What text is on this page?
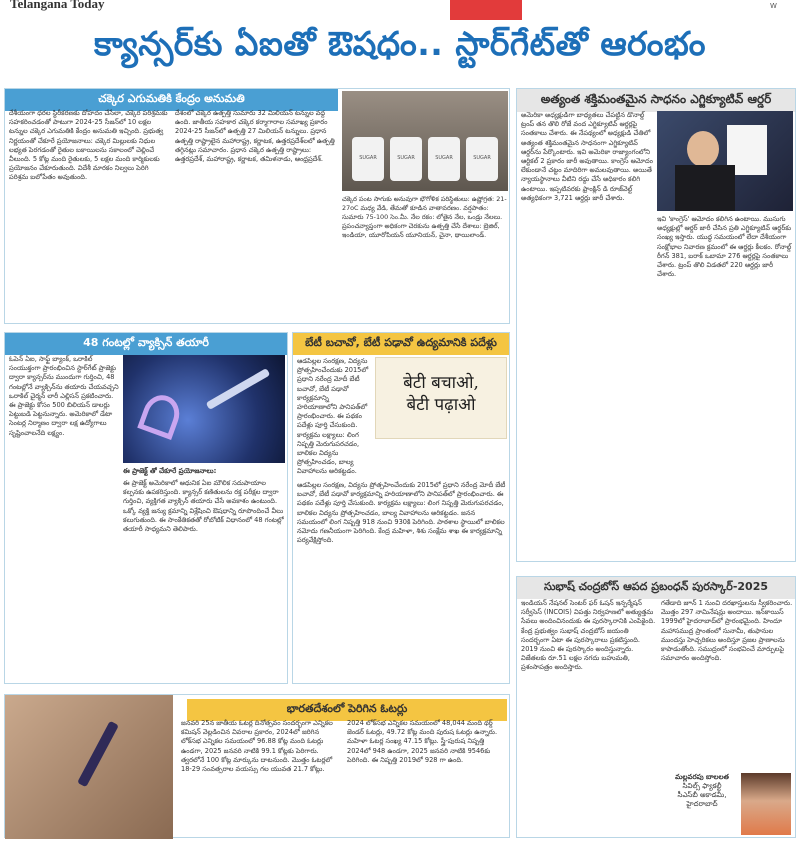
Telangana Today	W
క్యాన్సర్‌కు ఏఐతో ఔషధం.. స్టార్‌గేట్‌తో ఆరంభం
చక్కెర ఎగుమతికి కేంద్రం అనుమతి
దేశీయంగా ధరల స్థిరీకరణకు దోహదం చేసేలా, చక్కెర పరిశ్రమకు సహకరించడంతో పాటుగా 2024-25 సీజన్‌లో 10 లక్షల టన్నుల చక్కెర ఎగుమతికి కేంద్రం అనుమతి ఇచ్చింది. ప్రభుత్వ నిర్ణయంతో చేకూరే ప్రయోజనాలు: చక్కెర మిల్లులకు నిధుల లభ్యత పెరగడంతో రైతుల బకాయిలను సకాలంలో చెల్లించే వీలుంది. 5 కోట్ల మంది రైతులకు, 5 లక్షల మంది కార్మికులకు ప్రయోజనం చేకూరుతుంది. విదేశీ మారకం నిల్వలు పెరిగి పరిశ్రమ బలోపేతం అవుతుంది.
దేశంలో చక్కెర ఉత్పత్తి సుమారు 32 మిలియన్ టన్నుల వద్ద ఉంది. జాతీయ సహకార చక్కెర కర్మాగారాల సమాఖ్య ప్రకారం 2024-25 సీజన్‌లో ఉత్పత్తి 27 మిలియన్ టన్నులు. ప్రధాన ఉత్పత్తి రాష్ట్రాలైన మహారాష్ట్ర, కర్ణాటక, ఉత్తరప్రదేశ్‌లలో ఉత్పత్తి తగ్గినట్లు సమాచారం. ప్రధాన చక్కెర ఉత్పత్తి రాష్ట్రాలు: ఉత్తరప్రదేశ్, మహారాష్ట్ర, కర్ణాటక, తమిళనాడు, ఆంధ్రప్రదేశ్.	SUGAR	SUGAR	SUGAR	SUGAR
చక్కెర పంట సాగుకు అనువుగా భౌగోళిక పరిస్థితులు: ఉష్ణోగ్రత: 21-27oC మధ్య వేడి, తేమతో కూడిన వాతావరణం. వర్షపాతం: సుమారు 75-100 సెం.మీ. నేల రకం: లోతైన నేల, ఒండ్రు నేలలు. ప్రపంచవ్యాప్తంగా అధికంగా చెరకును ఉత్పత్తి చేసే దేశాలు: బ్రెజిల్, ఇండియా, యూరోపియన్ యూనియన్, చైనా, థాయిలాండ్.
అత్యంత శక్తిమంతమైన సాధనం ఎగ్జిక్యూటివ్ ఆర్డర్
అమెరికా అధ్యక్షుడిగా బాధ్యతలు చేపట్టిన డొనాల్డ్ ట్రంప్ తన తొలి రోజే వంద ఎగ్జిక్యూటివ్ ఆర్డర్లపై సంతకాలు చేశారు. ఈ నేపథ్యంలో అధ్యక్షుడి చేతిలో అత్యంత శక్తిమంతమైన సాధనంగా ఎగ్జిక్యూటివ్ ఆర్డర్‌ను పేర్కొంటారు. ఇవి అమెరికా రాజ్యాంగంలోని ఆర్టికల్ 2 ప్రకారం జారీ అవుతాయి. కాంగ్రెస్ ఆమోదం లేకుండానే చట్టం మాదిరిగా అమలవుతాయి. అయితే న్యాయస్థానాలు వీటిని రద్దు చేసే అధికారం కలిగి ఉంటాయి. ఇప్పటివరకు ఫ్రాంక్లిన్ డి రూజ్‌వెల్ట్ అత్యధికంగా 3,721 ఆర్డర్లు జారీ చేశారు.
ఇవి 'కాంగ్రెస్' ఆమోదం కలిగిన ఉంటాయి. ముసుగు అధ్యక్షుల్లో ఆర్డర్ జారీ చేసిన ప్రతి ఎగ్జిక్యూటివ్ ఆర్డర్‌కు సంఖ్య ఇస్తారు. యుద్ధ సమయంలో లేదా దేశీయంగా సంక్షోభాల నివారణ క్రమంలో ఈ ఆర్డర్లు కీలకం. రోనాల్డ్ రీగన్ 381, బరాక్ ఒబామా 276 ఆర్డర్లపై సంతకాలు చేశారు. ట్రంప్ తొలి విడతలో 220 ఆర్డర్లు జారీ చేశారు.
48 గంటల్లో వ్యాక్సిన్ తయారీ
ఓపెన్ ఏఐ, సాఫ్ట్ బ్యాంక్, ఒరాకిల్ సంయుక్తంగా ప్రారంభించిన స్టార్‌గేట్ ప్రాజెక్టు ద్వారా క్యాన్సర్‌ను ముందుగా గుర్తించి, 48 గంటల్లోనే వ్యాక్సిన్‌ను తయారు చేయవచ్చని ఒరాకిల్ చైర్మన్ లారీ ఎల్లిసన్ ప్రకటించారు. ఈ ప్రాజెక్టు కోసం 500 బిలియన్ డాలర్లు పెట్టుబడి పెట్టనున్నారు. అమెరికాలో డేటా సెంటర్ల నిర్మాణం ద్వారా లక్ష ఉద్యోగాలు సృష్టించాలనేది లక్ష్యం.
ఈ ప్రాజెక్ట్ తో చేకూరే ప్రయోజనాలు:
ఈ ప్రాజెక్ట్ అమెరికాలో ఆధునిక ఏఐ మౌలిక సదుపాయాల కల్పనకు ఉపకరిస్తుంది. క్యాన్సర్ కణితులను రక్త పరీక్షల ద్వారా గుర్తించి, వ్యక్తిగత వ్యాక్సిన్ తయారు చేసే అవకాశం ఉంటుంది. ఒక్కో వ్యక్తి జన్యు క్రమాన్ని విశ్లేషించి ఔషధాన్ని రూపొందించే వీలు కలుగుతుంది. ఈ సాంకేతికతతో రోబోటిక్ విధానంలో 48 గంటల్లో తయారీ సాధ్యమని తెలిపారు.
బేటీ బచావో, బేటీ పఢావో ఉద్యమానికి పదేళ్లు
बेटी बचाओ,
बेटी पढ़ाओ
ఆడపిల్లల సంరక్షణ, విద్యను ప్రోత్సహించేందుకు 2015లో ప్రధాని నరేంద్ర మోదీ బేటీ బచావో, బేటీ పఢావో కార్యక్రమాన్ని హరియాణాలోని పానిపత్‌లో ప్రారంభించారు. ఈ పథకం పదేళ్లు పూర్తి చేసుకుంది. కార్యక్రమ లక్ష్యాలు: లింగ నిష్పత్తి మెరుగుపరచడం, బాలికల విద్యను ప్రోత్సహించడం, బాల్య వివాహాలను అరికట్టడం.
ఆడపిల్లల సంరక్షణ, విద్యను ప్రోత్సహించేందుకు 2015లో ప్రధాని నరేంద్ర మోదీ బేటీ బచావో, బేటీ పఢావో కార్యక్రమాన్ని హరియాణాలోని పానిపత్‌లో ప్రారంభించారు. ఈ పథకం పదేళ్లు పూర్తి చేసుకుంది. కార్యక్రమ లక్ష్యాలు: లింగ నిష్పత్తి మెరుగుపరచడం, బాలికల విద్యను ప్రోత్సహించడం, బాల్య వివాహాలను అరికట్టడం. జనన సమయంలో లింగ నిష్పత్తి 918 నుంచి 930కి పెరిగింది. పాఠశాల స్థాయిలో బాలికల నమోదు గణనీయంగా పెరిగింది. కేంద్ర మహిళా, శిశు సంక్షేమ శాఖ ఈ కార్యక్రమాన్ని పర్యవేక్షిస్తోంది.
సుభాష్ చంద్రబోస్ ఆపద ప్రబంధన్ పురస్కార్-2025
ఇండియన్ నేషనల్ సెంటర్ ఫర్ ఓషన్ ఇన్ఫర్మేషన్ సర్వీసెస్ (INCOIS) విపత్తు నిర్వహణలో అత్యుత్తమ సేవలు అందించినందుకు ఈ పురస్కారానికి ఎంపికైంది. కేంద్ర ప్రభుత్వం సుభాష్ చంద్రబోస్ జయంతి సందర్భంగా ఏటా ఈ పురస్కారాలు ప్రకటిస్తుంది. 2019 నుంచి ఈ పురస్కారం అందిస్తున్నారు. విజేతలకు రూ.51 లక్షల నగదు బహుమతి, ప్రశంసాపత్రం అందిస్తారు.
గతేడాది జూన్ 1 నుంచి దరఖాస్తులను స్వీకరించారు. మొత్తం 297 నామినేషన్లు అందాయి. ఇన్‌కాయిస్ 1999లో హైదరాబాద్‌లో ప్రారంభమైంది. హిందూ మహాసముద్ర ప్రాంతంలో సునామీ, తుఫానుల ముందస్తు హెచ్చరికలు అందిస్తూ ప్రజల ప్రాణాలను కాపాడుతోంది. సముద్రంలో సంభవించే మార్పులపై సమాచారం అందిస్తోంది.
మల్లవరపు బాలలత
సివిల్స్ ఫ్యాకల్టీ
సీఎస్‌బీ అకాడమీ,
హైదరాబాద్
భారతదేశంలో పెరిగిన ఓటర్లు
జనవరి 25న జాతీయ ఓటర్ల దినోత్సవం సందర్భంగా ఎన్నికల కమిషన్ వెల్లడించిన వివరాల ప్రకారం, 2024లో జరిగిన లోక్‌సభ ఎన్నికల సమయంలో 96.88 కోట్ల మంది ఓటర్లు ఉండగా, 2025 జనవరి నాటికి 99.1 కోట్లకు పెరిగారు. త్వరలోనే 100 కోట్ల మార్కును దాటనుంది. మొత్తం ఓటర్లలో 18-29 సంవత్సరాల వయస్సు గల యువత 21.7 కోట్లు.
2024 లోక్‌సభ ఎన్నికల సమయంలో 48,044 మంది థర్డ్ జెండర్ ఓటర్లు, 49.72 కోట్ల మంది పురుష ఓటర్లు ఉన్నారు. మహిళా ఓటర్ల సంఖ్య 47.15 కోట్లు. స్త్రీ-పురుష నిష్పత్తి 2024లో 948 ఉండగా, 2025 జనవరి నాటికి 9546కు పెరిగింది. ఈ నిష్పత్తి 2019లో 928 గా ఉంది.
